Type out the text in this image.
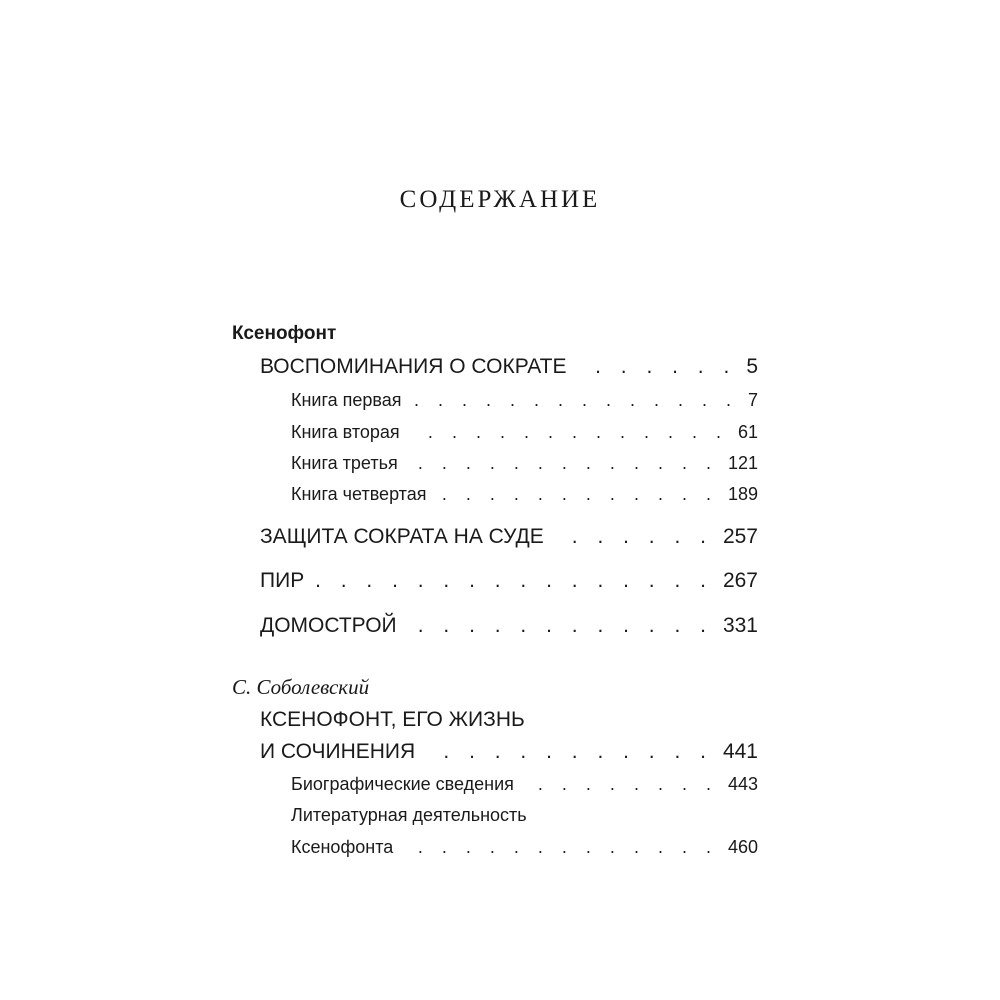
СОДЕРЖАНИЕ
Ксенофонт
ВОСПОМИНАНИЯ О СОКРАТЕ . . .	5
Книга первая . . .	7
Книга вторая . . .	61
Книга третья . . .	121
Книга четвертая . . .	189
ЗАЩИТА СОКРАТА НА СУДЕ . . .	257
ПИР . . .	267
ДОМОСТРОЙ . . .	331
С. Соболевский
КСЕНОФОНТ, ЕГО ЖИЗНЬ
И СОЧИНЕНИЯ . . .	441
Биографические сведения . . .	443
Литературная деятельность
Ксенофонта . . .	460
